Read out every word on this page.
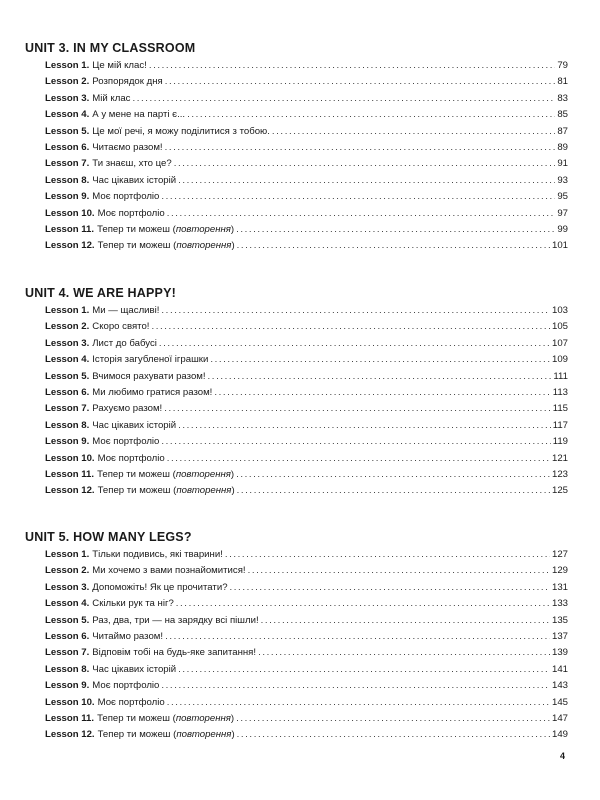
UNIT 3. IN MY CLASSROOM
Lesson 1. Це мій клас! .....	79
Lesson 2. Розпорядок дня .....	81
Lesson 3. Мій клас .....	83
Lesson 4. А у мене на парті є... .....	85
Lesson 5. Це мої речі, я можу поділитися з тобою. .....	87
Lesson 6. Читаємо разом! .....	89
Lesson 7. Ти знаєш, хто це? .....	91
Lesson 8. Час цікавих історій .....	93
Lesson 9. Моє портфоліо .....	95
Lesson 10. Моє портфоліо .....	97
Lesson 11. Тепер ти можеш (повторення) .....	99
Lesson 12. Тепер ти можеш (повторення) .....	101
UNIT 4. WE ARE HAPPY!
Lesson 1. Ми — щасливі! .....	103
Lesson 2. Скоро свято! .....	105
Lesson 3. Лист до бабусі .....	107
Lesson 4. Історія загубленої іграшки .....	109
Lesson 5. Вчимося рахувати разом! .....	111
Lesson 6. Ми любимо гратися разом! .....	113
Lesson 7. Рахуємо разом! .....	115
Lesson 8. Час цікавих історій .....	117
Lesson 9. Моє портфоліо .....	119
Lesson 10. Моє портфоліо .....	121
Lesson 11. Тепер ти можеш (повторення) .....	123
Lesson 12. Тепер ти можеш (повторення) .....	125
UNIT 5. HOW MANY LEGS?
Lesson 1. Тільки подивись, які тварини! .....	127
Lesson 2. Ми хочемо з вами познайомитися! .....	129
Lesson 3. Допоможіть! Як це прочитати? .....	131
Lesson 4. Скільки рук та ніг? .....	133
Lesson 5. Раз, два, три — на зарядку всі пішли! .....	135
Lesson 6. Читаймо разом! .....	137
Lesson 7. Відповім тобі на будь-яке запитання! .....	139
Lesson 8. Час цікавих історій .....	141
Lesson 9. Моє портфоліо .....	143
Lesson 10. Моє портфоліо .....	145
Lesson 11. Тепер ти можеш (повторення) .....	147
Lesson 12. Тепер ти можеш (повторення) .....	149
4
